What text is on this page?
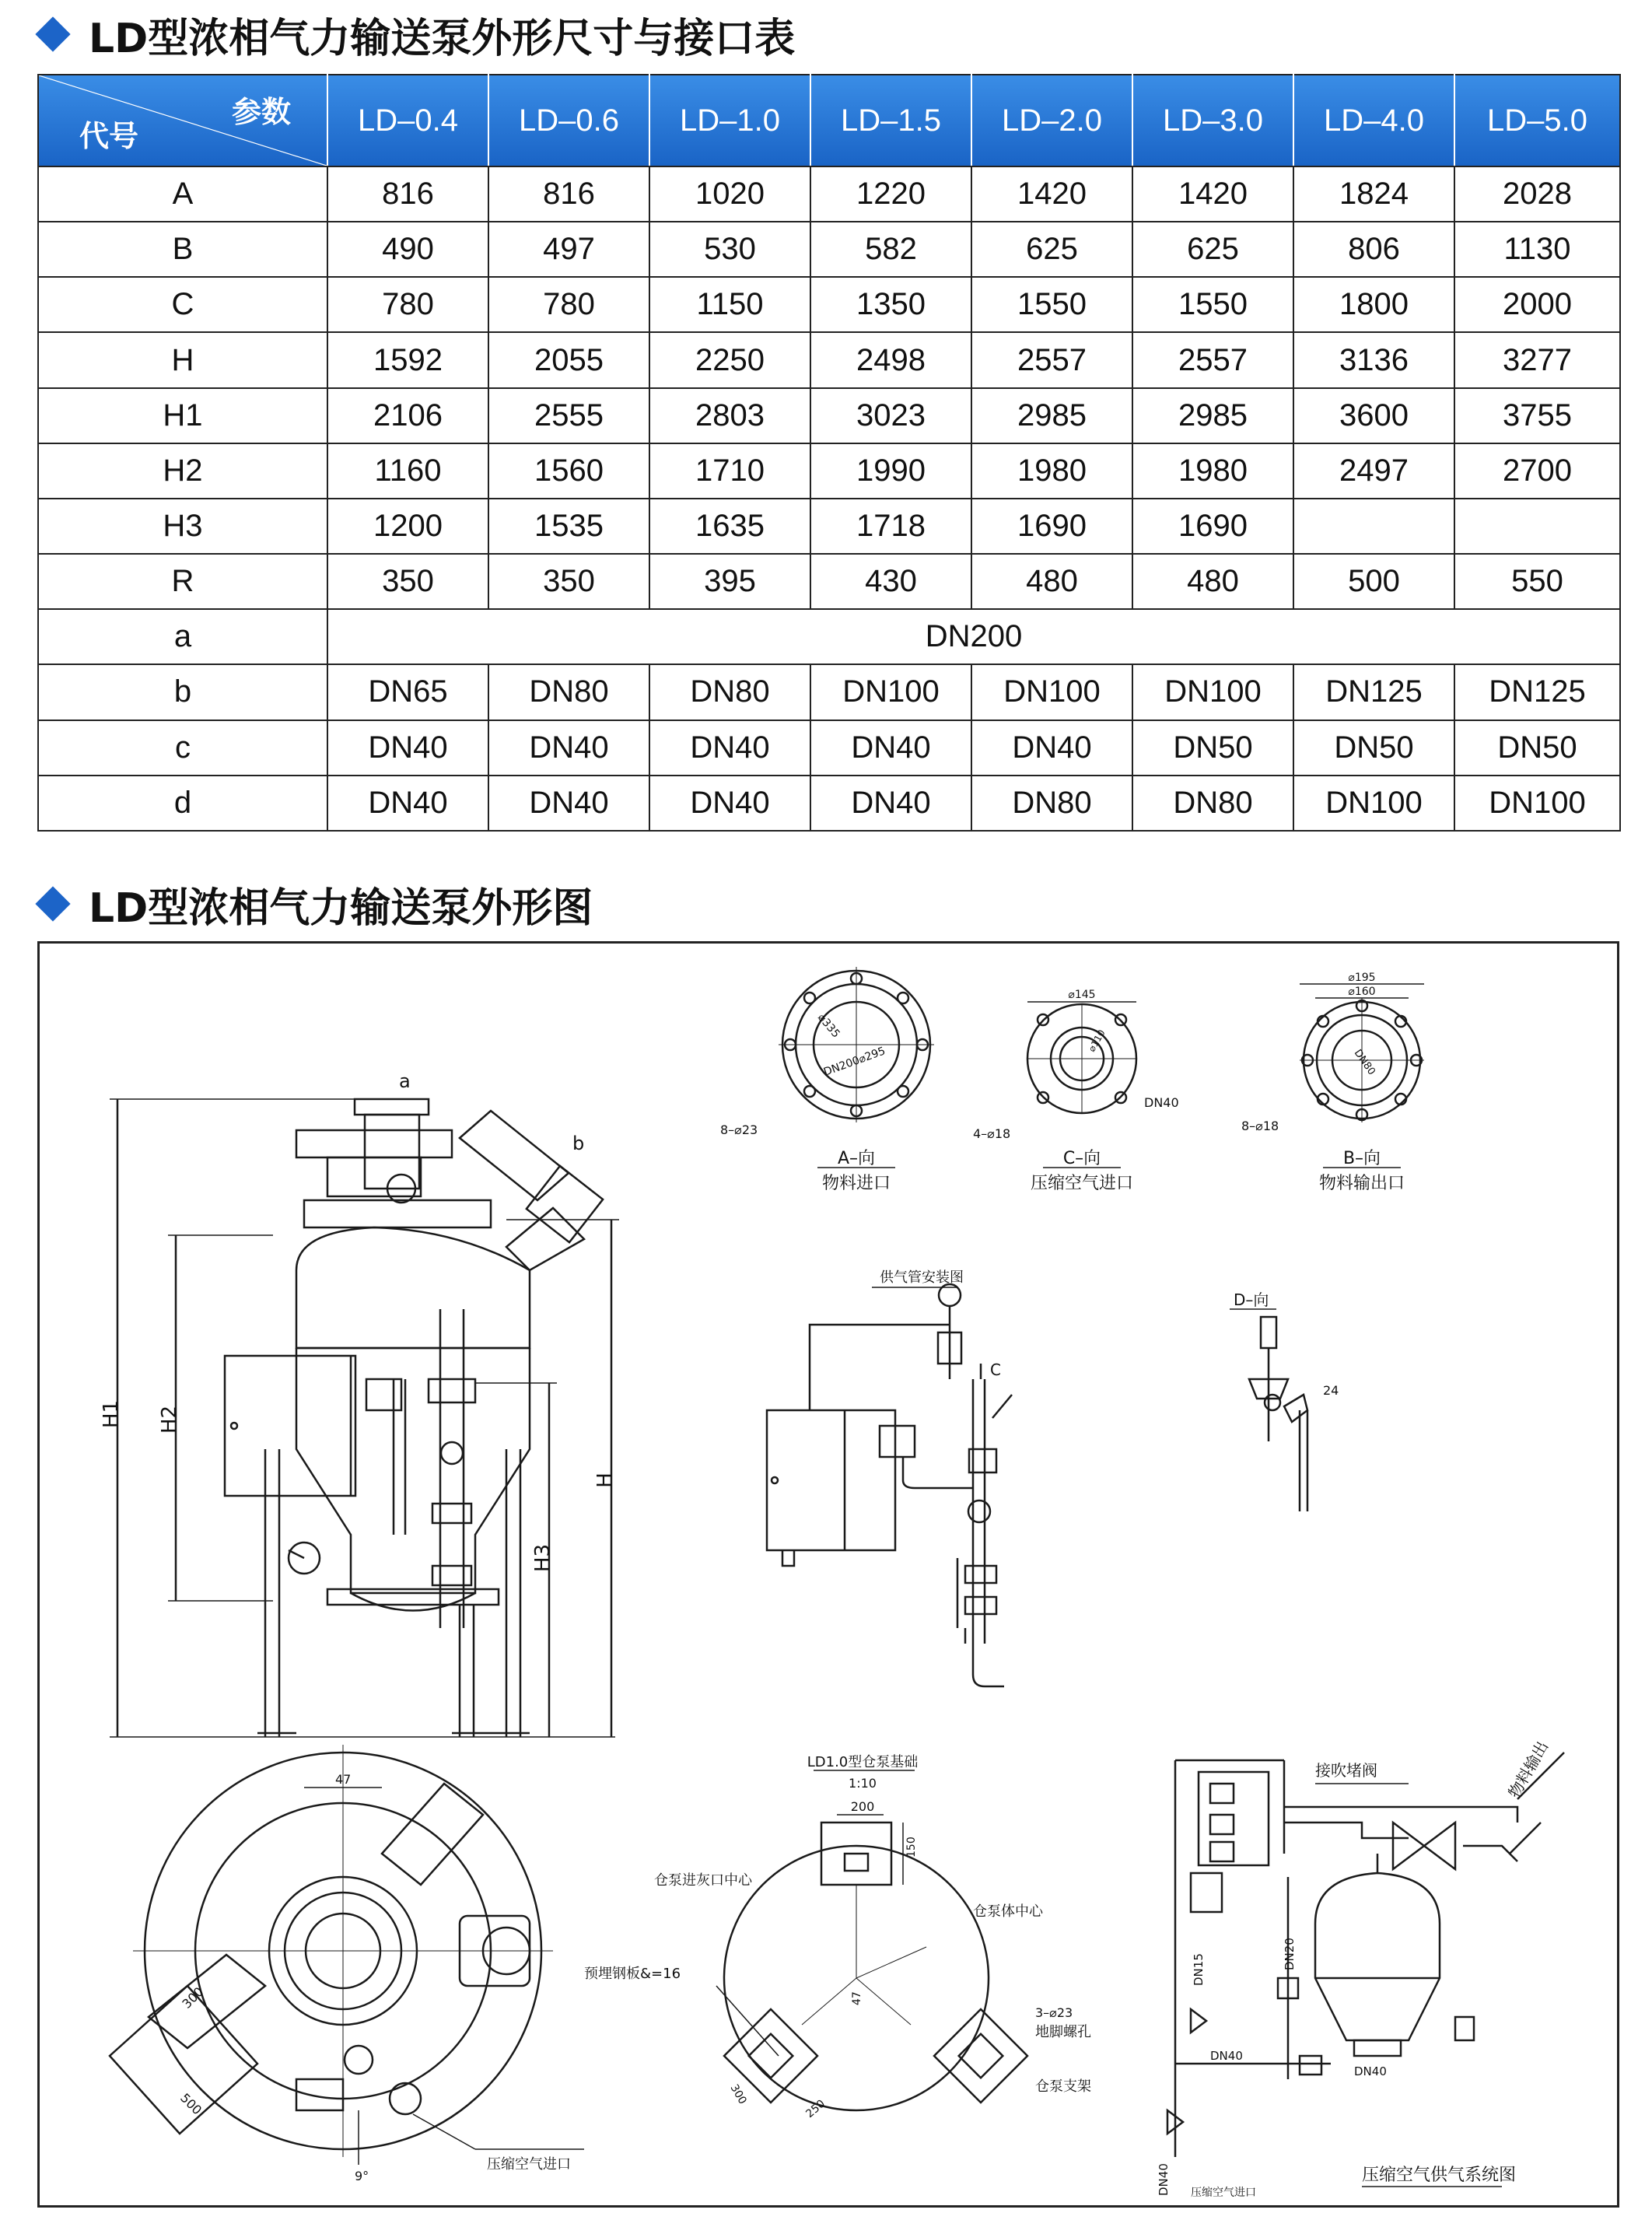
LD型浓相气力输送泵外形尺寸与接口表
参数
代号	LD–0.4	LD–0.6	LD–1.0	LD–1.5	LD–2.0	LD–3.0	LD–4.0	LD–5.0
A	816	816	1020	1220	1420	1420	1824	2028
B	490	497	530	582	625	625	806	1130
C	780	780	1150	1350	1550	1550	1800	2000
H	1592	2055	2250	2498	2557	2557	3136	3277
H1	2106	2555	2803	3023	2985	2985	3600	3755
H2	1160	1560	1710	1990	1980	1980	2497	2700
H3	1200	1535	1635	1718	1690	1690		
R	350	350	395	430	480	480	500	550
a	DN200							
b	DN65	DN80	DN80	DN100	DN100	DN100	DN125	DN125
c	DN40	DN40	DN40	DN40	DN40	DN50	DN50	DN50
d	DN40	DN40	DN40	DN40	DN80	DN80	DN100	DN100
LD型浓相气力输送泵外形图
H1 H2
H3
H
a
b
⌀335
DN200⌀295
8–⌀23
A–向
物料进口
⌀145
⌀110
DN40
4–⌀18
C–向
压缩空气进口
⌀195
⌀160
DN80
8–⌀18
B–向
物料输出口
供气管安装图
C
D–向
24
47
300
500
9°
压缩空气进口
LD1.0型仓泵基础
1:10
200
150
仓泵进灰口中心
仓泵体中心
预埋钢板&=16
47
3–⌀23
地脚螺孔
300
250
仓泵支架
接吹堵阀	物料输出
DN20
DN15
DN40
DN40
DN40 压缩空气进口
压缩空气供气系统图
